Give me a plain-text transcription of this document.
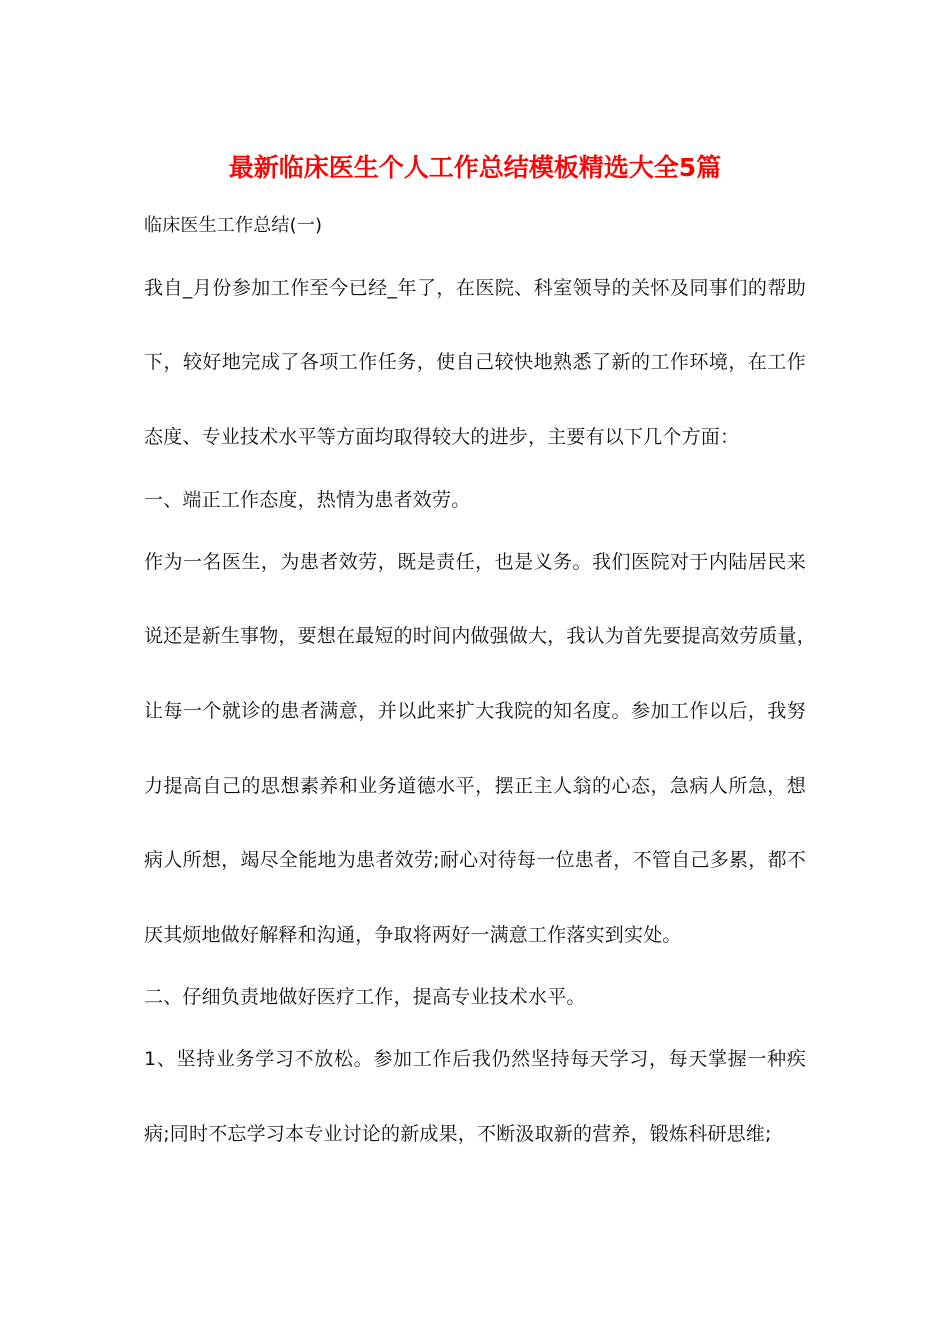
最新临床医生个人工作总结模板精选大全5篇
临床医生工作总结(一)
我自_月份参加工作至今已经_年了，在医院、科室领导的关怀及同事们的帮助
下，较好地完成了各项工作任务，使自己较快地熟悉了新的工作环境，在工作
态度、专业技术水平等方面均取得较大的进步，主要有以下几个方面：
一、端正工作态度，热情为患者效劳。
作为一名医生，为患者效劳，既是责任，也是义务。我们医院对于内陆居民来
说还是新生事物，要想在最短的时间内做强做大，我认为首先要提高效劳质量，
让每一个就诊的患者满意，并以此来扩大我院的知名度。参加工作以后，我努
力提高自己的思想素养和业务道德水平，摆正主人翁的心态，急病人所急，想
病人所想，竭尽全能地为患者效劳;耐心对待每一位患者，不管自己多累，都不
厌其烦地做好解释和沟通，争取将两好一满意工作落实到实处。
二、仔细负责地做好医疗工作，提高专业技术水平。
1、坚持业务学习不放松。参加工作后我仍然坚持每天学习，每天掌握一种疾
病;同时不忘学习本专业讨论的新成果，不断汲取新的营养，锻炼科研思维;
